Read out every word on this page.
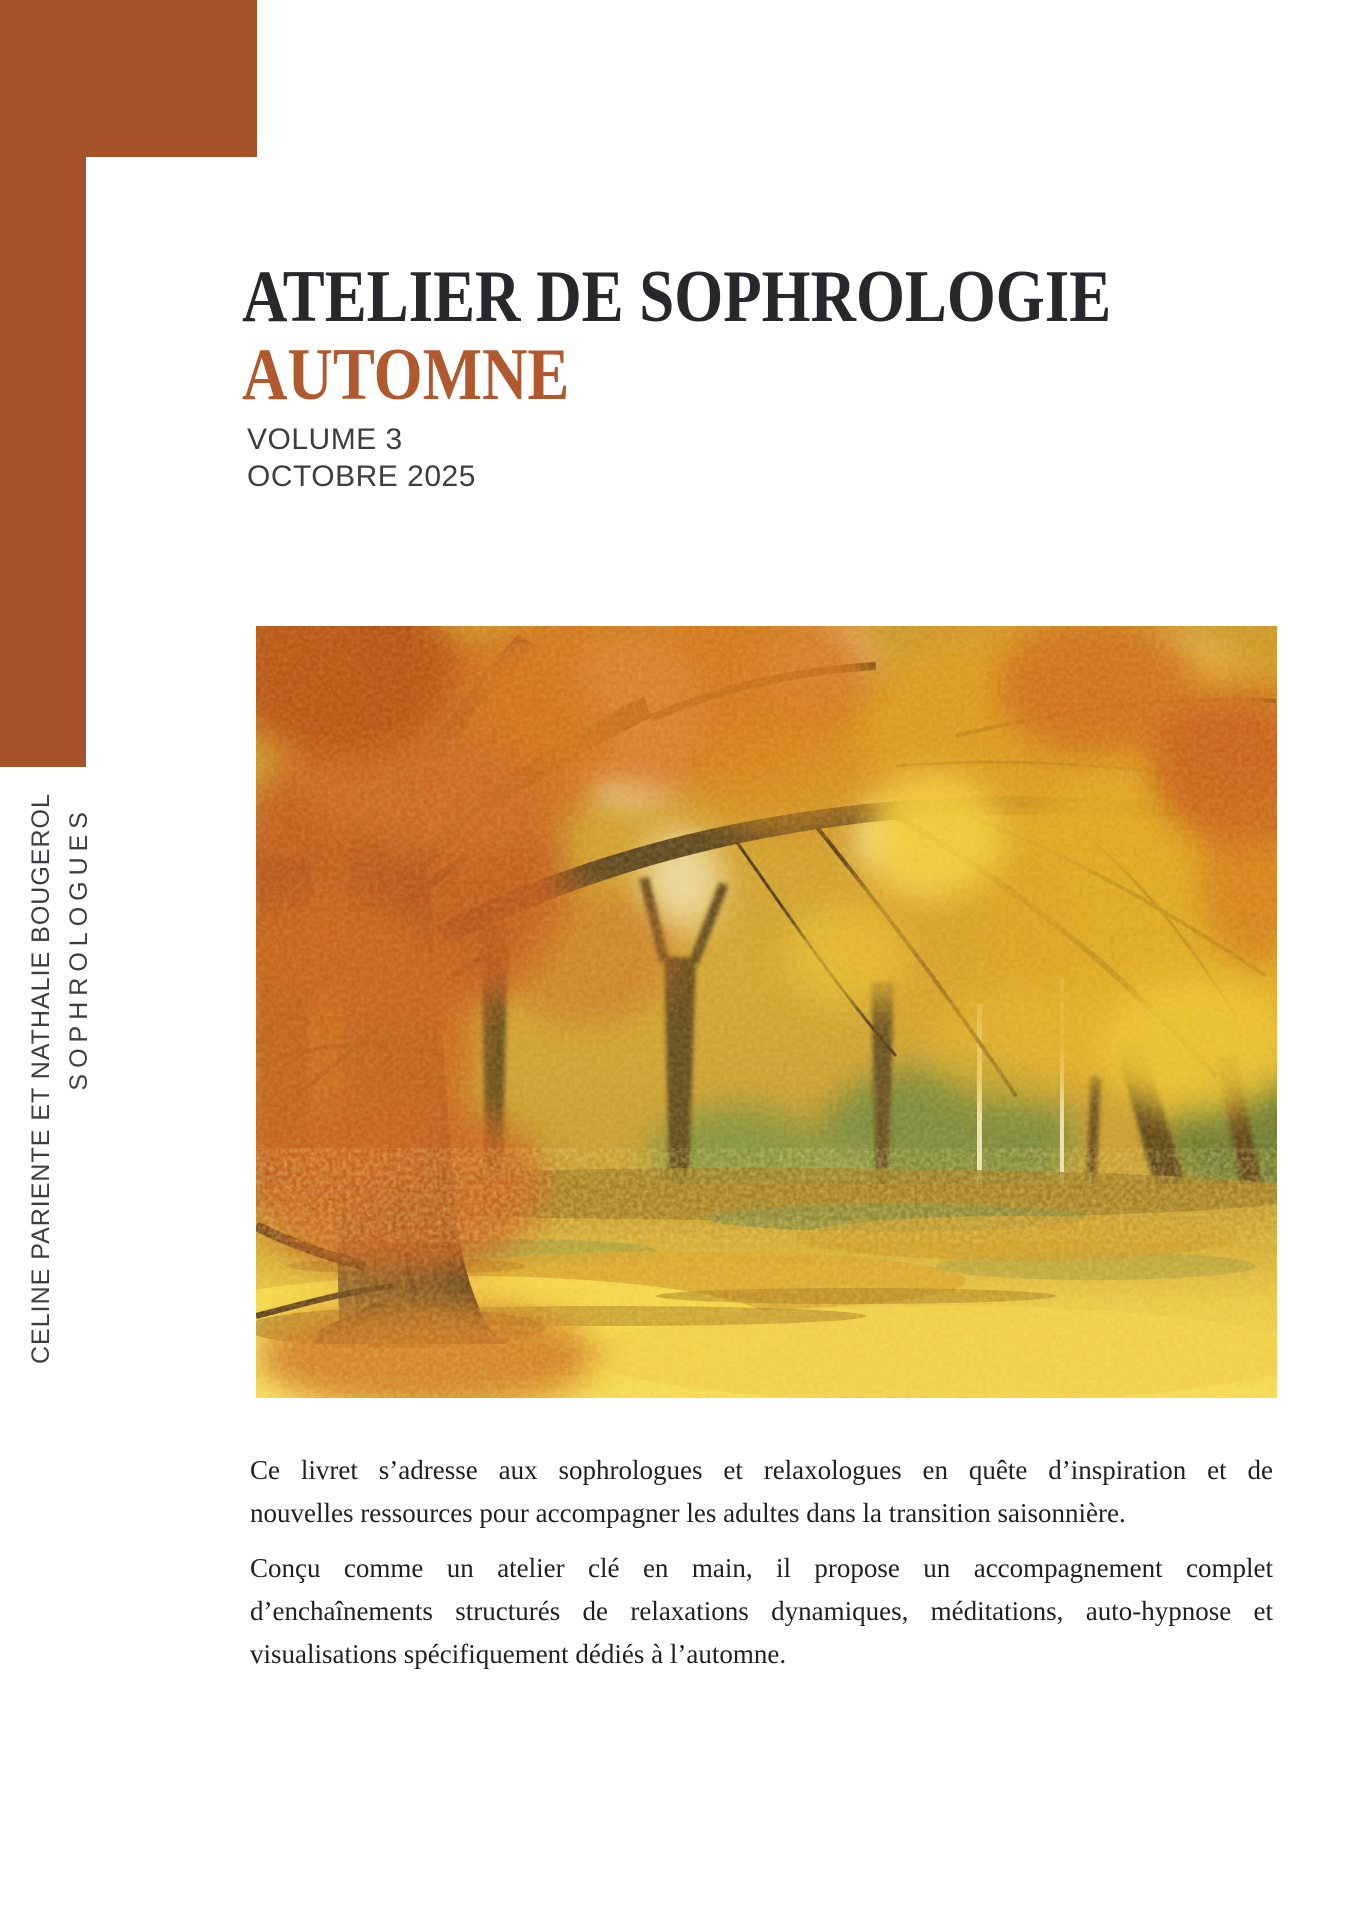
ATELIER DE SOPHROLOGIE
AUTOMNE
VOLUME 3
OCTOBRE 2025
CELINE PARIENTE ET NATHALIE BOUGEROL SOPHROLOGUES
Ce livret s’adresse aux sophrologues et relaxologues en quête d’inspiration et de
nouvelles ressources pour accompagner les adultes dans la transition saisonnière.
Conçu comme un atelier clé en main, il propose un accompagnement complet
d’enchaînements structurés de relaxations dynamiques, méditations, auto-hypnose et
visualisations spécifiquement dédiés à l’automne.
